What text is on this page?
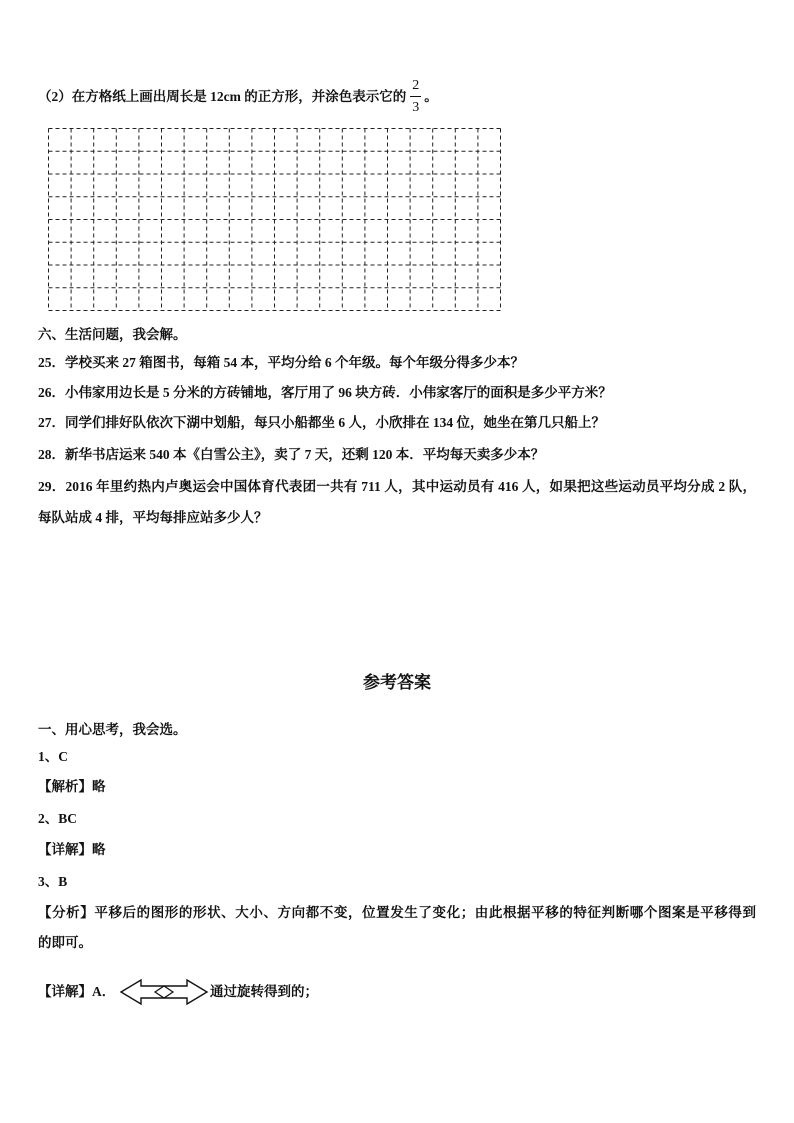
（2）在方格纸上画出周长是 12cm 的正方形，并涂色表示它的 $\frac{2}{3}$ 。
六、生活问题，我会解。
25．学校买来 27 箱图书，每箱 54 本，平均分给 6 个年级。每个年级分得多少本？
26．小伟家用边长是 5 分米的方砖铺地，客厅用了 96 块方砖．小伟家客厅的面积是多少平方米？
27．同学们排好队依次下湖中划船，每只小船都坐 6 人，小欣排在 134 位，她坐在第几只船上？
28．新华书店运来 540 本《白雪公主》，卖了 7 天，还剩 120 本．平均每天卖多少本？
29．2016 年里约热内卢奥运会中国体育代表团一共有 711 人，其中运动员有 416 人，如果把这些运动员平均分成 2 队，
每队站成 4 排，平均每排应站多少人？
参考答案
一、用心思考，我会选。
1、C
【解析】略
2、BC
【详解】略
3、B
【分析】平移后的图形的形状、大小、方向都不变，位置发生了变化；由此根据平移的特征判断哪个图案是平移得到
的即可。
【详解】A．	通过旋转得到的；
